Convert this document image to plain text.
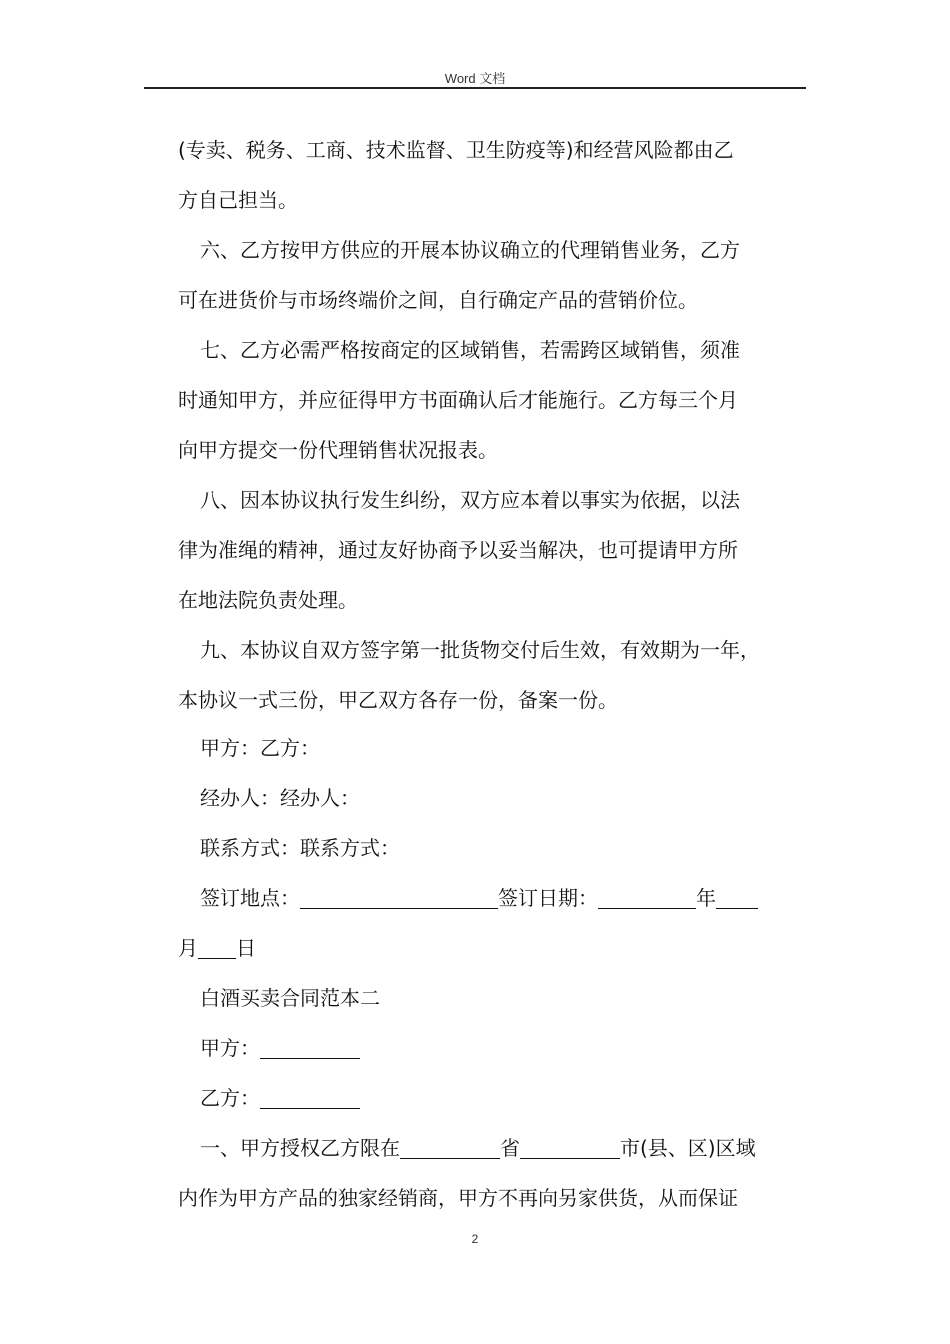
Word 文档
(专卖、税务、工商、技术监督、卫生防疫等)和经营风险都由乙
方自己担当。
六、乙方按甲方供应的开展本协议确立的代理销售业务，乙方
可在进货价与市场终端价之间，自行确定产品的营销价位。
七、乙方必需严格按商定的区域销售，若需跨区域销售，须准
时通知甲方，并应征得甲方书面确认后才能施行。乙方每三个月
向甲方提交一份代理销售状况报表。
八、因本协议执行发生纠纷，双方应本着以事实为依据，以法
律为准绳的精神，通过友好协商予以妥当解决，也可提请甲方所
在地法院负责处理。
九、本协议自双方签字第一批货物交付后生效，有效期为一年，
本协议一式三份，甲乙双方各存一份，备案一份。
甲方：乙方：
经办人：经办人：
联系方式：联系方式：
签订地点：	签订日期：	年
月 日
白酒买卖合同范本二
甲方：
乙方：
一、甲方授权乙方限在	省	市(县、区)区域
内作为甲方产品的独家经销商，甲方不再向另家供货，从而保证
2
